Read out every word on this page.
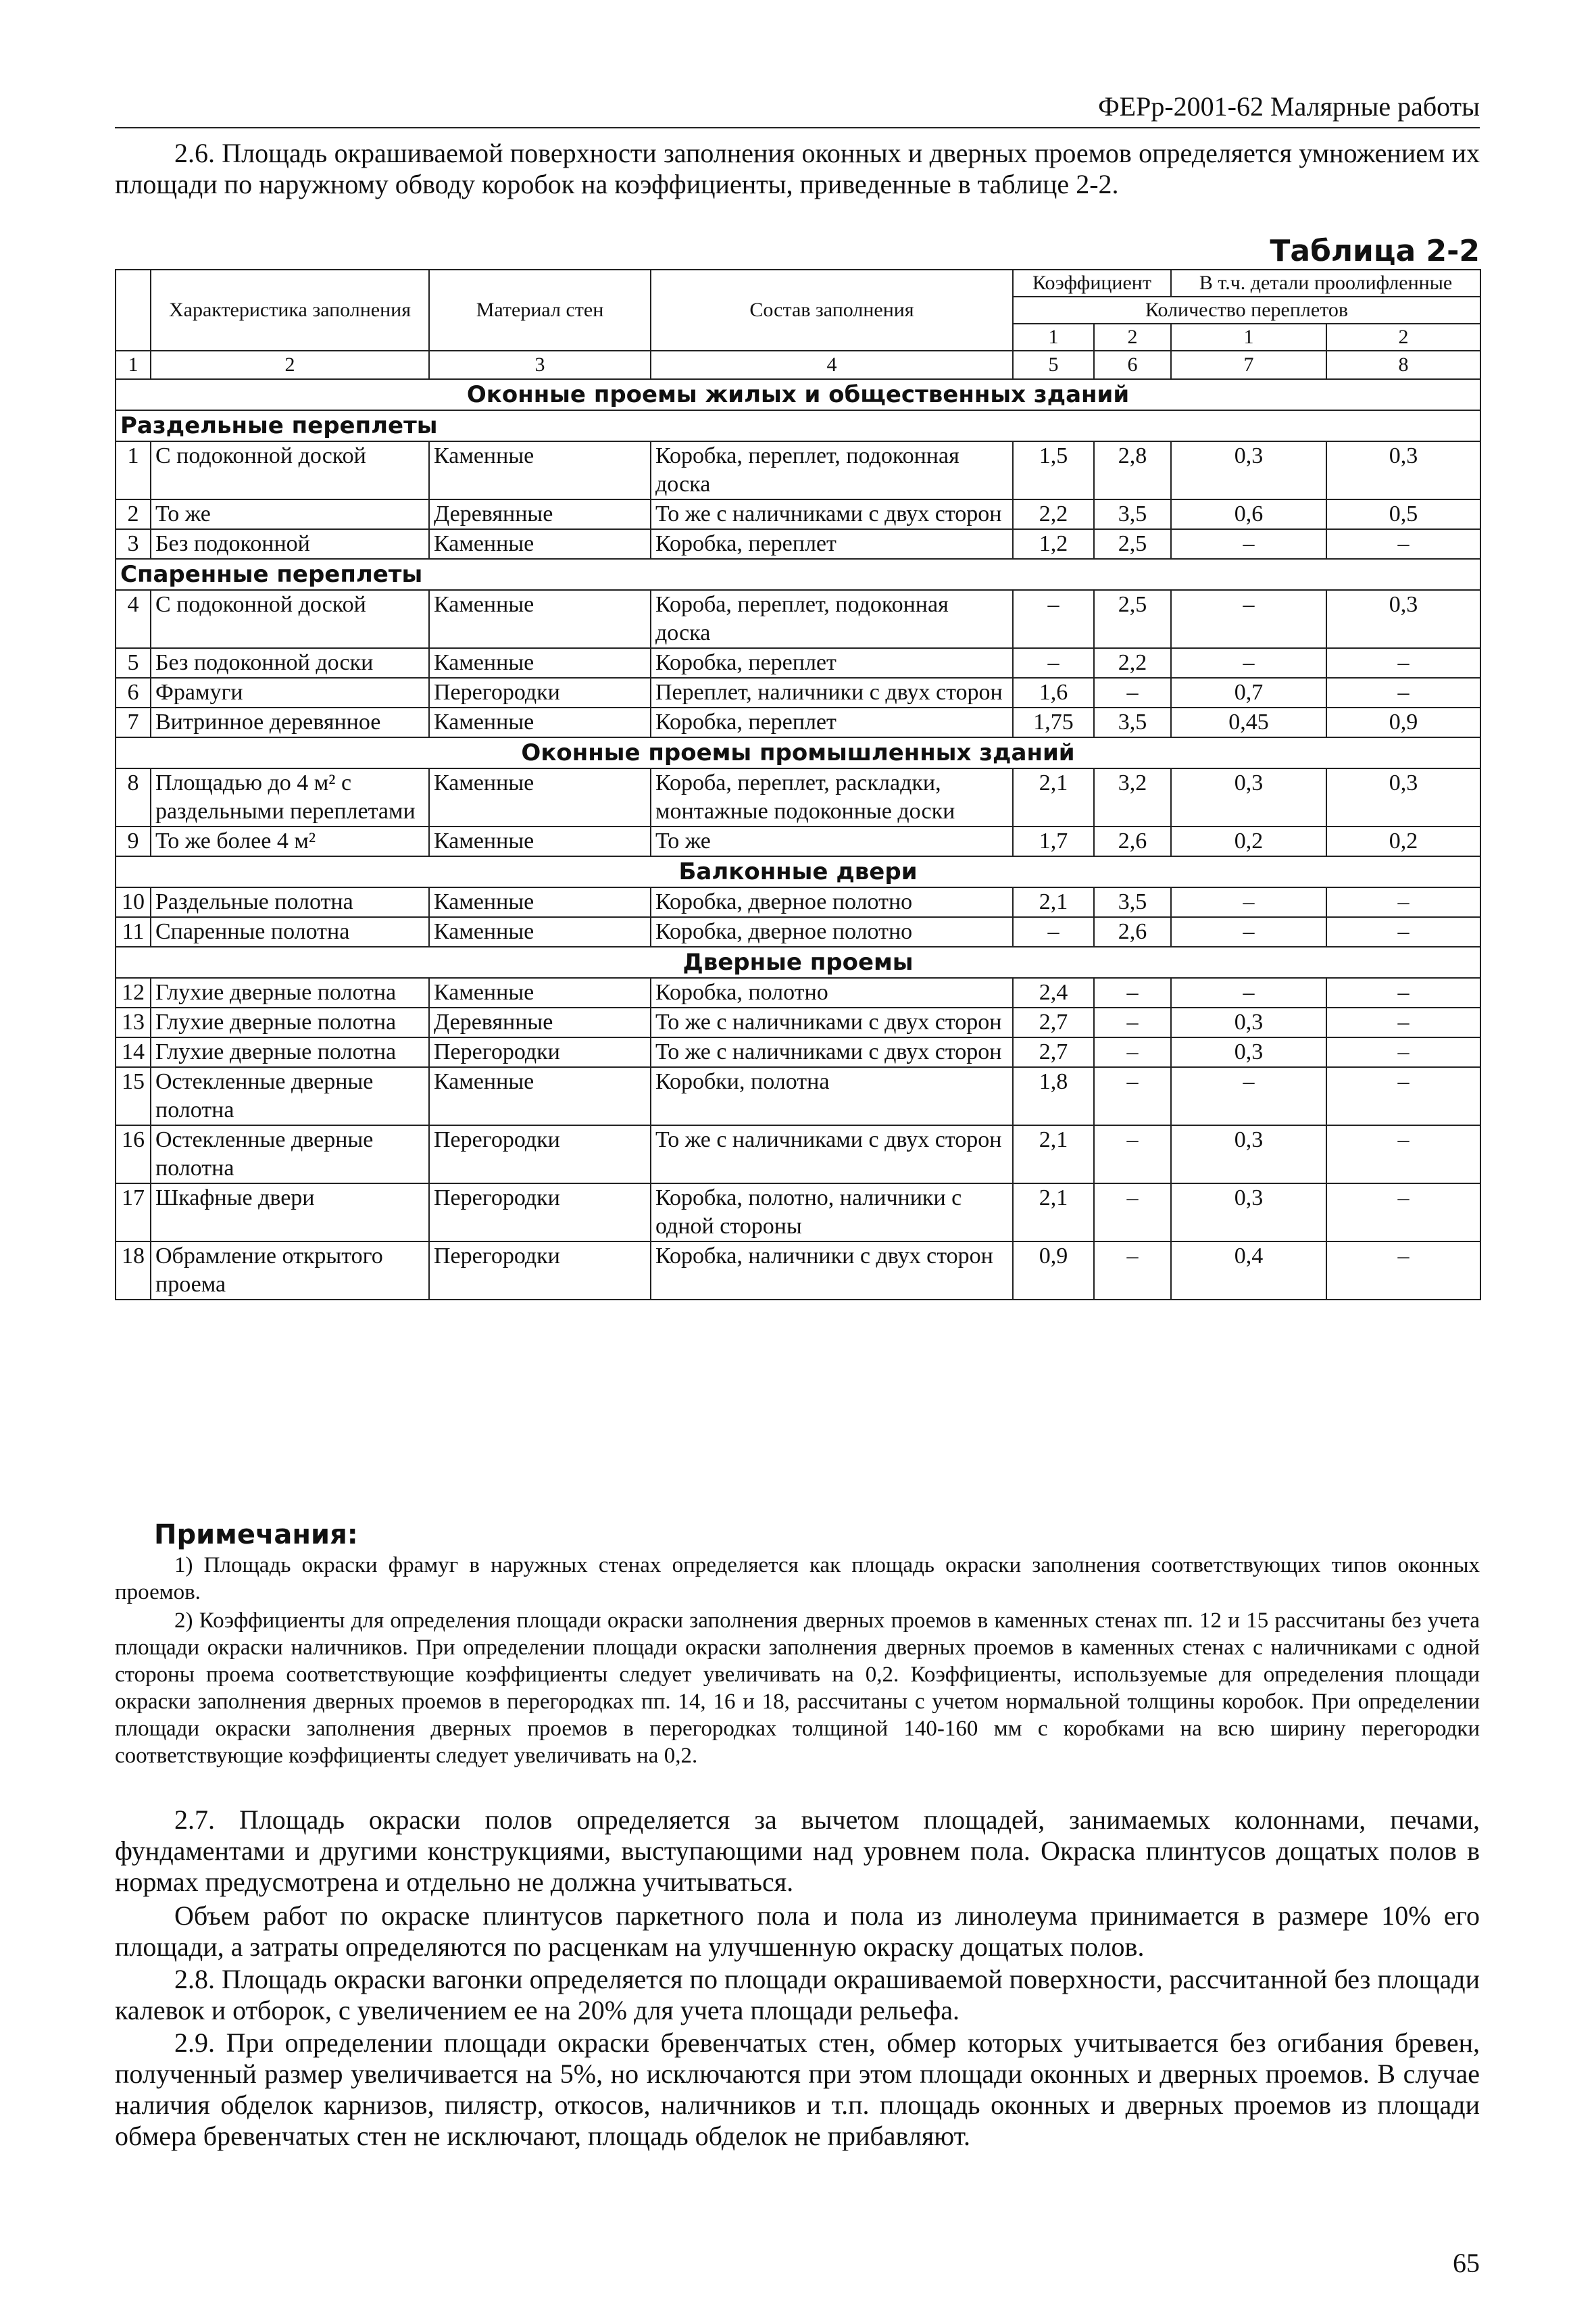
ФЕРр-2001-62 Малярные работы

2.6. Площадь окрашиваемой поверхности заполнения оконных и дверных проемов определяется умножением их площади по наружному обводу коробок на коэффициенты, приведенные в таблице 2-2.

Таблица 2-2
	Характеристика заполнения	Материал стен	Состав заполнения	Коэффициент		В т.ч. детали проолифленные	
				Количество переплетов			
				1	2	1	2
1	2	3	4	5	6	7	8
Оконные проемы жилых и общественных зданий							
Раздельные переплеты							
1	С подоконной доской	Каменные	Коробка, переплет, подоконная доска	1,5	2,8	0,3	0,3
2	То же	Деревянные	То же с наличниками с двух сторон	2,2	3,5	0,6	0,5
3	Без подоконной	Каменные	Коробка, переплет	1,2	2,5	–	–
Спаренные переплеты							
4	С подоконной доской	Каменные	Короба, переплет, подоконная доска	–	2,5	–	0,3
5	Без подоконной доски	Каменные	Коробка, переплет	–	2,2	–	–
6	Фрамуги	Перегородки	Переплет, наличники с двух сторон	1,6	–	0,7	–
7	Витринное деревянное	Каменные	Коробка, переплет	1,75	3,5	0,45	0,9
Оконные проемы промышленных зданий							
8	Площадью до 4 м² с раздельными переплетами	Каменные	Короба, переплет, раскладки, монтажные подоконные доски	2,1	3,2	0,3	0,3
9	То же более 4 м²	Каменные	То же	1,7	2,6	0,2	0,2
Балконные двери							
10	Раздельные полотна	Каменные	Коробка, дверное полотно	2,1	3,5	–	–
11	Спаренные полотна	Каменные	Коробка, дверное полотно	–	2,6	–	–
Дверные проемы							
12	Глухие дверные полотна	Каменные	Коробка, полотно	2,4	–	–	–
13	Глухие дверные полотна	Деревянные	То же с наличниками с двух сторон	2,7	–	0,3	–
14	Глухие дверные полотна	Перегородки	То же с наличниками с двух сторон	2,7	–	0,3	–
15	Остекленные дверные полотна	Каменные	Коробки, полотна	1,8	–	–	–
16	Остекленные дверные полотна	Перегородки	То же с наличниками с двух сторон	2,1	–	0,3	–
17	Шкафные двери	Перегородки	Коробка, полотно, наличники с одной стороны	2,1	–	0,3	–
18	Обрамление открытого проема	Перегородки	Коробка, наличники с двух сторон	0,9	–	0,4	–
Примечания:

1) Площадь окраски фрамуг в наружных стенах определяется как площадь окраски заполнения соответствующих типов оконных проемов.

2) Коэффициенты для определения площади окраски заполнения дверных проемов в каменных стенах пп. 12 и 15 рассчитаны без учета площади окраски наличников. При определении площади окраски заполнения дверных проемов в каменных стенах с наличниками с одной стороны проема соответствующие коэффициенты следует увеличивать на 0,2. Коэффициенты, используемые для определения площади окраски заполнения дверных проемов в перегородках пп. 14, 16 и 18, рассчитаны с учетом нормальной толщины коробок. При определении площади окраски заполнения дверных проемов в перегородках толщиной 140-160 мм с коробками на всю ширину перегородки соответствующие коэффициенты следует увеличивать на 0,2.

2.7. Площадь окраски полов определяется за вычетом площадей, занимаемых колоннами, печами, фундаментами и другими конструкциями, выступающими над уровнем пола. Окраска плинтусов дощатых полов в нормах предусмотрена и отдельно не должна учитываться.

Объем работ по окраске плинтусов паркетного пола и пола из линолеума принимается в размере 10% его площади, а затраты определяются по расценкам на улучшенную окраску дощатых полов.

2.8. Площадь окраски вагонки определяется по площади окрашиваемой поверхности, рассчитанной без площади калевок и отборок, с увеличением ее на 20% для учета площади рельефа.

2.9. При определении площади окраски бревенчатых стен, обмер которых учитывается без огибания бревен, полученный размер увеличивается на 5%, но исключаются при этом площади оконных и дверных проемов. В случае наличия обделок карнизов, пилястр, откосов, наличников и т.п. площадь оконных и дверных проемов из площади обмера бревенчатых стен не исключают, площадь обделок не прибавляют.

65
